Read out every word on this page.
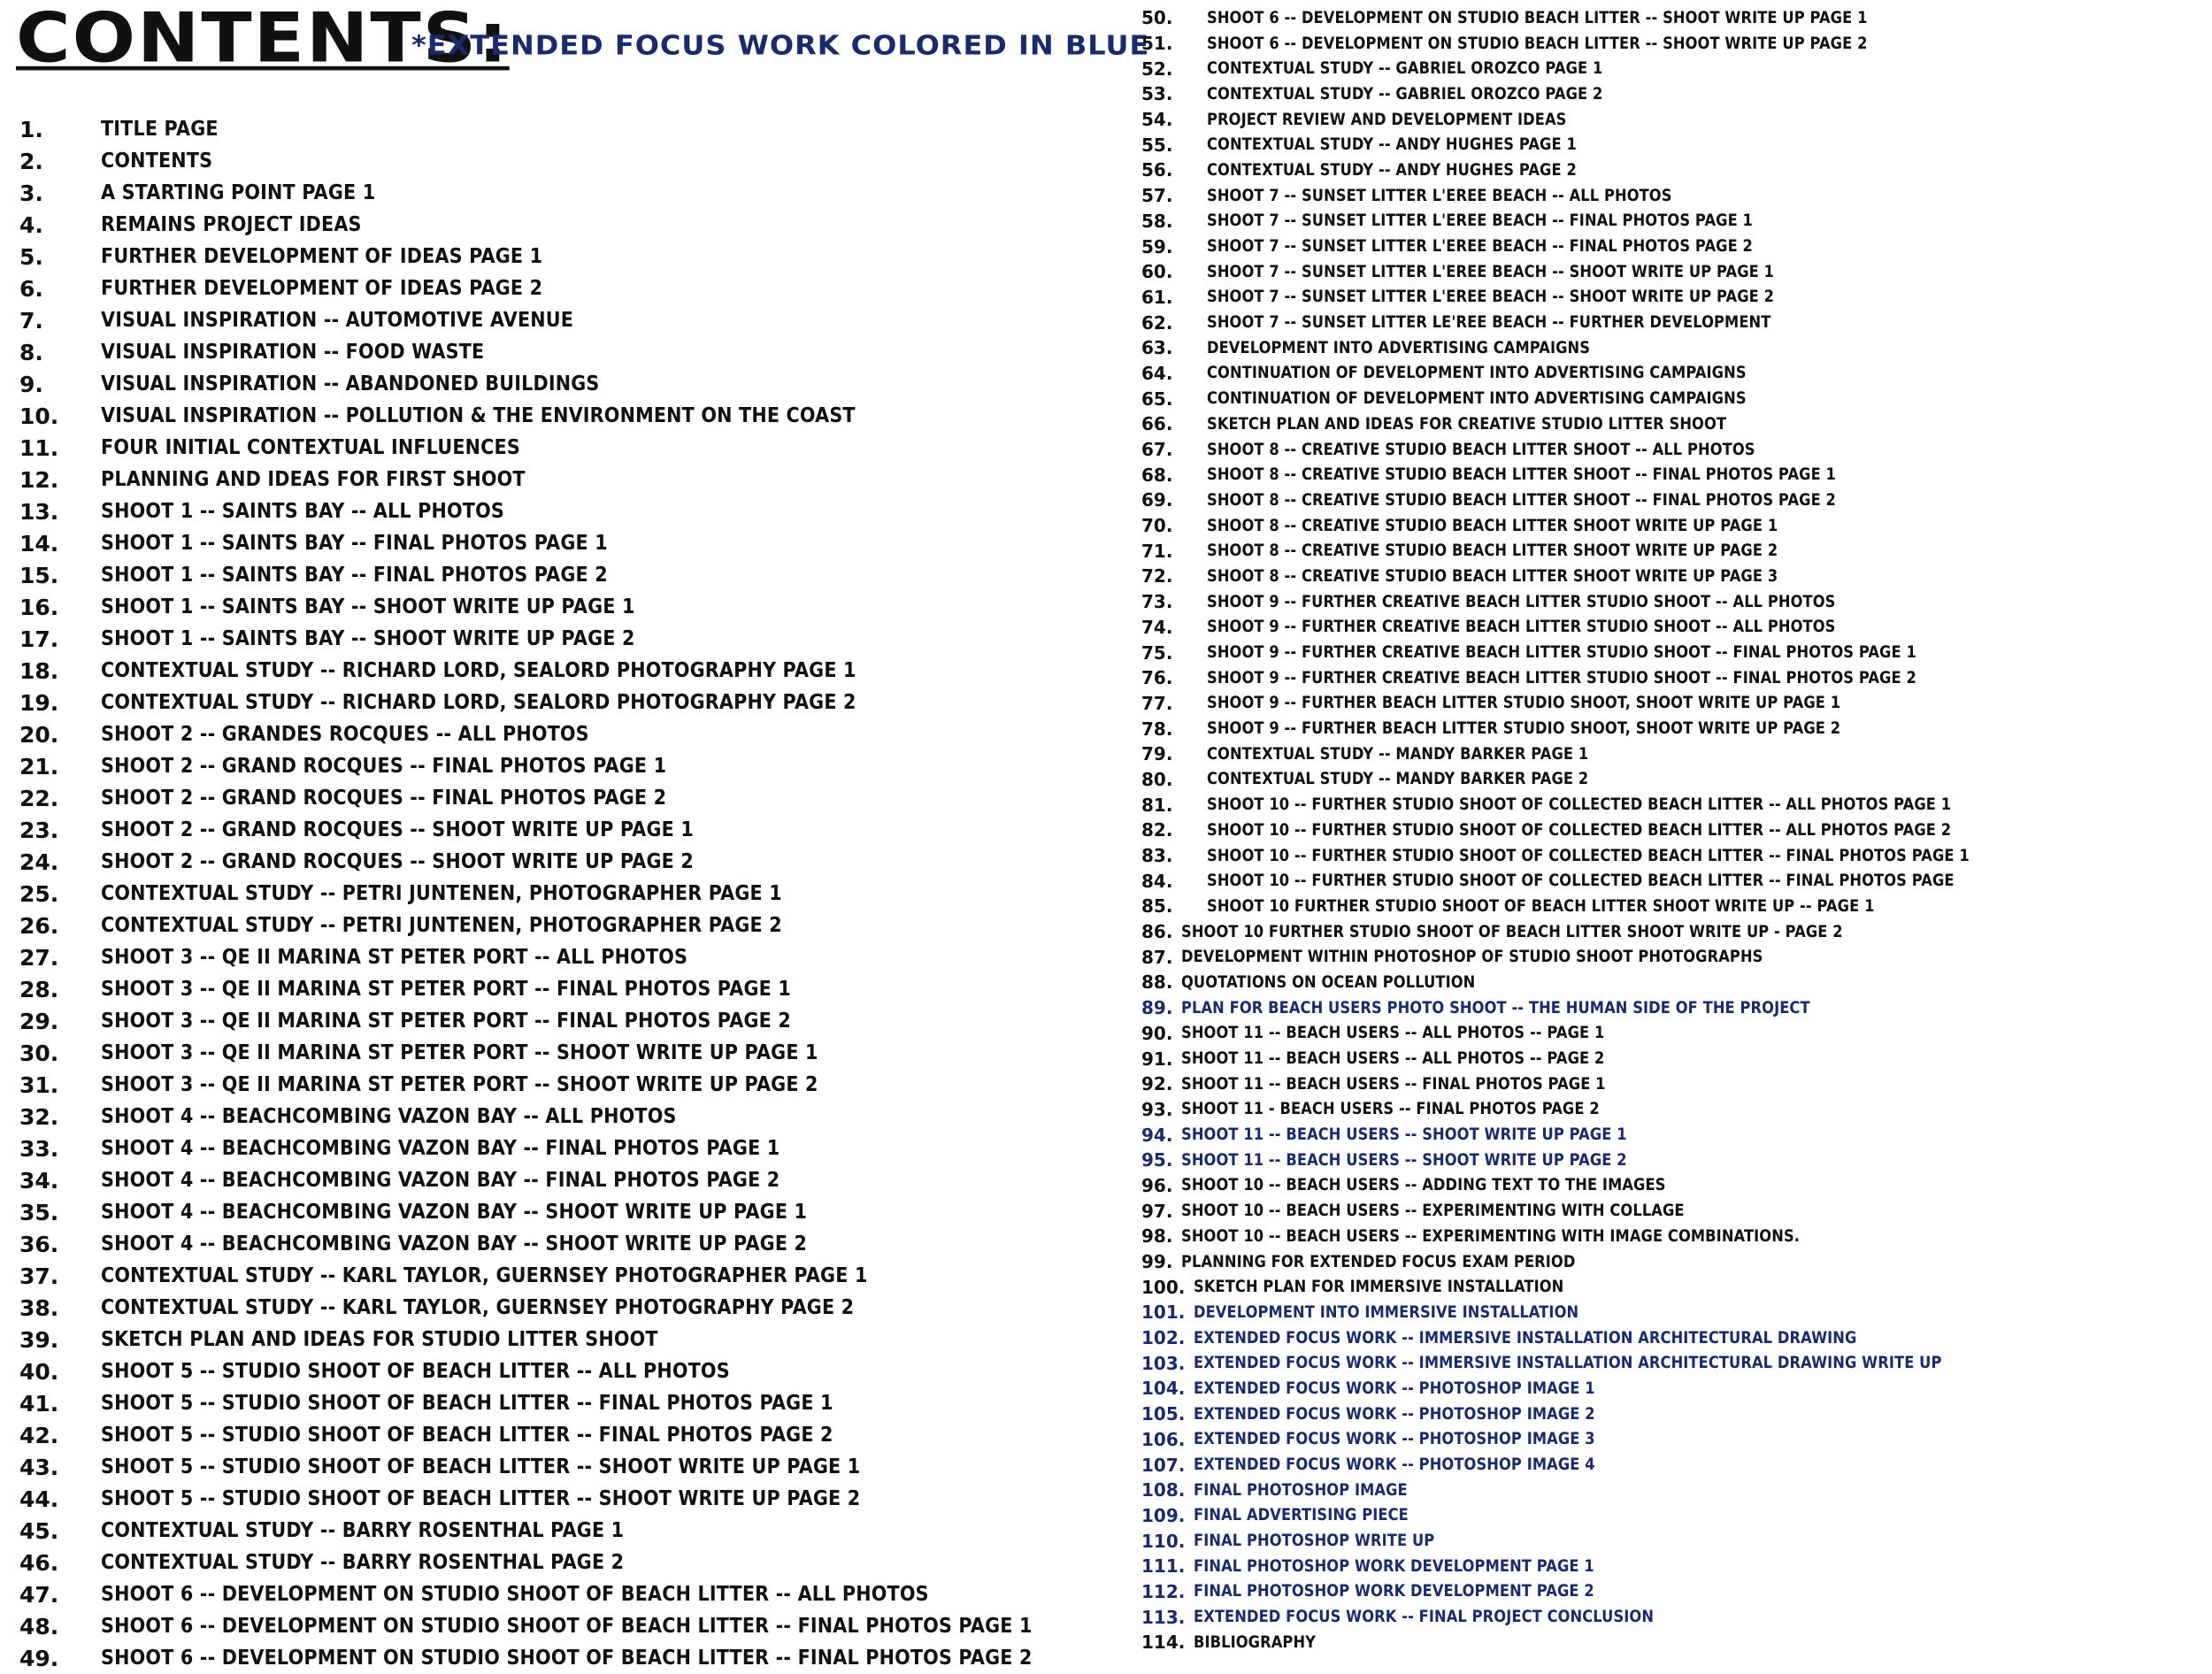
CONTENTS:
*EXTENDED FOCUS WORK COLORED IN BLUE
1.	TITLE PAGE
2.	CONTENTS
3.	A STARTING POINT PAGE 1
4.	REMAINS PROJECT IDEAS
5.	FURTHER DEVELOPMENT OF IDEAS PAGE 1
6.	FURTHER DEVELOPMENT OF IDEAS PAGE 2
7.	VISUAL INSPIRATION -- AUTOMOTIVE AVENUE
8.	VISUAL INSPIRATION -- FOOD WASTE
9.	VISUAL INSPIRATION -- ABANDONED BUILDINGS
10.	VISUAL INSPIRATION -- POLLUTION & THE ENVIRONMENT ON THE COAST
11.	FOUR INITIAL CONTEXTUAL INFLUENCES
12.	PLANNING AND IDEAS FOR FIRST SHOOT
13.	SHOOT 1 -- SAINTS BAY -- ALL PHOTOS
14.	SHOOT 1 -- SAINTS BAY -- FINAL PHOTOS PAGE 1
15.	SHOOT 1 -- SAINTS BAY -- FINAL PHOTOS PAGE 2
16.	SHOOT 1 -- SAINTS BAY -- SHOOT WRITE UP PAGE 1
17.	SHOOT 1 -- SAINTS BAY -- SHOOT WRITE UP PAGE 2
18.	CONTEXTUAL STUDY -- RICHARD LORD, SEALORD PHOTOGRAPHY PAGE 1
19.	CONTEXTUAL STUDY -- RICHARD LORD, SEALORD PHOTOGRAPHY PAGE 2
20.	SHOOT 2 -- GRANDES ROCQUES -- ALL PHOTOS
21.	SHOOT 2 -- GRAND ROCQUES -- FINAL PHOTOS PAGE 1
22.	SHOOT 2 -- GRAND ROCQUES -- FINAL PHOTOS PAGE 2
23.	SHOOT 2 -- GRAND ROCQUES -- SHOOT WRITE UP PAGE 1
24.	SHOOT 2 -- GRAND ROCQUES -- SHOOT WRITE UP PAGE 2
25.	CONTEXTUAL STUDY -- PETRI JUNTENEN, PHOTOGRAPHER PAGE 1
26.	CONTEXTUAL STUDY -- PETRI JUNTENEN, PHOTOGRAPHER PAGE 2
27.	SHOOT 3 -- QE II MARINA ST PETER PORT -- ALL PHOTOS
28.	SHOOT 3 -- QE II MARINA ST PETER PORT -- FINAL PHOTOS PAGE 1
29.	SHOOT 3 -- QE II MARINA ST PETER PORT -- FINAL PHOTOS PAGE 2
30.	SHOOT 3 -- QE II MARINA ST PETER PORT -- SHOOT WRITE UP PAGE 1
31.	SHOOT 3 -- QE II MARINA ST PETER PORT -- SHOOT WRITE UP PAGE 2
32.	SHOOT 4 -- BEACHCOMBING VAZON BAY -- ALL PHOTOS
33.	SHOOT 4 -- BEACHCOMBING VAZON BAY -- FINAL PHOTOS PAGE 1
34.	SHOOT 4 -- BEACHCOMBING VAZON BAY -- FINAL PHOTOS PAGE 2
35.	SHOOT 4 -- BEACHCOMBING VAZON BAY -- SHOOT WRITE UP PAGE 1
36.	SHOOT 4 -- BEACHCOMBING VAZON BAY -- SHOOT WRITE UP PAGE 2
37.	CONTEXTUAL STUDY -- KARL TAYLOR, GUERNSEY PHOTOGRAPHER PAGE 1
38.	CONTEXTUAL STUDY -- KARL TAYLOR, GUERNSEY PHOTOGRAPHY PAGE 2
39.	SKETCH PLAN AND IDEAS FOR STUDIO LITTER SHOOT
40.	SHOOT 5 -- STUDIO SHOOT OF BEACH LITTER -- ALL PHOTOS
41.	SHOOT 5 -- STUDIO SHOOT OF BEACH LITTER -- FINAL PHOTOS PAGE 1
42.	SHOOT 5 -- STUDIO SHOOT OF BEACH LITTER -- FINAL PHOTOS PAGE 2
43.	SHOOT 5 -- STUDIO SHOOT OF BEACH LITTER -- SHOOT WRITE UP PAGE 1
44.	SHOOT 5 -- STUDIO SHOOT OF BEACH LITTER -- SHOOT WRITE UP PAGE 2
45.	CONTEXTUAL STUDY -- BARRY ROSENTHAL PAGE 1
46.	CONTEXTUAL STUDY -- BARRY ROSENTHAL PAGE 2
47.	SHOOT 6 -- DEVELOPMENT ON STUDIO SHOOT OF BEACH LITTER -- ALL PHOTOS
48.	SHOOT 6 -- DEVELOPMENT ON STUDIO SHOOT OF BEACH LITTER -- FINAL PHOTOS PAGE 1
49.	SHOOT 6 -- DEVELOPMENT ON STUDIO SHOOT OF BEACH LITTER -- FINAL PHOTOS PAGE 2
50.	SHOOT 6 -- DEVELOPMENT ON STUDIO BEACH LITTER -- SHOOT WRITE UP PAGE 1
51.	SHOOT 6 -- DEVELOPMENT ON STUDIO BEACH LITTER -- SHOOT WRITE UP PAGE 2
52.	CONTEXTUAL STUDY -- GABRIEL OROZCO PAGE 1
53.	CONTEXTUAL STUDY -- GABRIEL OROZCO PAGE 2
54.	PROJECT REVIEW AND DEVELOPMENT IDEAS
55.	CONTEXTUAL STUDY -- ANDY HUGHES PAGE 1
56.	CONTEXTUAL STUDY -- ANDY HUGHES PAGE 2
57.	SHOOT 7 -- SUNSET LITTER L'EREE BEACH -- ALL PHOTOS
58.	SHOOT 7 -- SUNSET LITTER L'EREE BEACH -- FINAL PHOTOS PAGE 1
59.	SHOOT 7 -- SUNSET LITTER L'EREE BEACH -- FINAL PHOTOS PAGE 2
60.	SHOOT 7 -- SUNSET LITTER L'EREE BEACH -- SHOOT WRITE UP PAGE 1
61.	SHOOT 7 -- SUNSET LITTER L'EREE BEACH -- SHOOT WRITE UP PAGE 2
62.	SHOOT 7 -- SUNSET LITTER LE'REE BEACH -- FURTHER DEVELOPMENT
63.	DEVELOPMENT INTO ADVERTISING CAMPAIGNS
64.	CONTINUATION OF DEVELOPMENT INTO ADVERTISING CAMPAIGNS
65.	CONTINUATION OF DEVELOPMENT INTO ADVERTISING CAMPAIGNS
66.	SKETCH PLAN AND IDEAS FOR CREATIVE STUDIO LITTER SHOOT
67.	SHOOT 8 -- CREATIVE STUDIO BEACH LITTER SHOOT -- ALL PHOTOS
68.	SHOOT 8 -- CREATIVE STUDIO BEACH LITTER SHOOT -- FINAL PHOTOS PAGE 1
69.	SHOOT 8 -- CREATIVE STUDIO BEACH LITTER SHOOT -- FINAL PHOTOS PAGE 2
70.	SHOOT 8 -- CREATIVE STUDIO BEACH LITTER SHOOT WRITE UP PAGE 1
71.	SHOOT 8 -- CREATIVE STUDIO BEACH LITTER SHOOT WRITE UP PAGE 2
72.	SHOOT 8 -- CREATIVE STUDIO BEACH LITTER SHOOT WRITE UP PAGE 3
73.	SHOOT 9 -- FURTHER CREATIVE BEACH LITTER STUDIO SHOOT -- ALL PHOTOS
74.	SHOOT 9 -- FURTHER CREATIVE BEACH LITTER STUDIO SHOOT -- ALL PHOTOS
75.	SHOOT 9 -- FURTHER CREATIVE BEACH LITTER STUDIO SHOOT -- FINAL PHOTOS PAGE 1
76.	SHOOT 9 -- FURTHER CREATIVE BEACH LITTER STUDIO SHOOT -- FINAL PHOTOS PAGE 2
77.	SHOOT 9 -- FURTHER BEACH LITTER STUDIO SHOOT, SHOOT WRITE UP PAGE 1
78.	SHOOT 9 -- FURTHER BEACH LITTER STUDIO SHOOT, SHOOT WRITE UP PAGE 2
79.	CONTEXTUAL STUDY -- MANDY BARKER PAGE 1
80.	CONTEXTUAL STUDY -- MANDY BARKER PAGE 2
81.	SHOOT 10 -- FURTHER STUDIO SHOOT OF COLLECTED BEACH LITTER -- ALL PHOTOS PAGE 1
82.	SHOOT 10 -- FURTHER STUDIO SHOOT OF COLLECTED BEACH LITTER -- ALL PHOTOS PAGE 2
83.	SHOOT 10 -- FURTHER STUDIO SHOOT OF COLLECTED BEACH LITTER -- FINAL PHOTOS PAGE 1
84.	SHOOT 10 -- FURTHER STUDIO SHOOT OF COLLECTED BEACH LITTER -- FINAL PHOTOS PAGE
85.	SHOOT 10 FURTHER STUDIO SHOOT OF BEACH LITTER SHOOT WRITE UP -- PAGE 1
86. SHOOT 10 FURTHER STUDIO SHOOT OF BEACH LITTER SHOOT WRITE UP - PAGE 2
87. DEVELOPMENT WITHIN PHOTOSHOP OF STUDIO SHOOT PHOTOGRAPHS
88. QUOTATIONS ON OCEAN POLLUTION
89. PLAN FOR BEACH USERS PHOTO SHOOT -- THE HUMAN SIDE OF THE PROJECT
90. SHOOT 11 -- BEACH USERS -- ALL PHOTOS -- PAGE 1
91. SHOOT 11 -- BEACH USERS -- ALL PHOTOS -- PAGE 2
92. SHOOT 11 -- BEACH USERS -- FINAL PHOTOS PAGE 1
93. SHOOT 11 - BEACH USERS -- FINAL PHOTOS PAGE 2
94. SHOOT 11 -- BEACH USERS -- SHOOT WRITE UP PAGE 1
95. SHOOT 11 -- BEACH USERS -- SHOOT WRITE UP PAGE 2
96. SHOOT 10 -- BEACH USERS -- ADDING TEXT TO THE IMAGES
97. SHOOT 10 -- BEACH USERS -- EXPERIMENTING WITH COLLAGE
98. SHOOT 10 -- BEACH USERS -- EXPERIMENTING WITH IMAGE COMBINATIONS.
99. PLANNING FOR EXTENDED FOCUS EXAM PERIOD
100. SKETCH PLAN FOR IMMERSIVE INSTALLATION
101. DEVELOPMENT INTO IMMERSIVE INSTALLATION
102. EXTENDED FOCUS WORK -- IMMERSIVE INSTALLATION ARCHITECTURAL DRAWING
103. EXTENDED FOCUS WORK -- IMMERSIVE INSTALLATION ARCHITECTURAL DRAWING WRITE UP
104. EXTENDED FOCUS WORK -- PHOTOSHOP IMAGE 1
105. EXTENDED FOCUS WORK -- PHOTOSHOP IMAGE 2
106. EXTENDED FOCUS WORK -- PHOTOSHOP IMAGE 3
107. EXTENDED FOCUS WORK -- PHOTOSHOP IMAGE 4
108. FINAL PHOTOSHOP IMAGE
109. FINAL ADVERTISING PIECE
110. FINAL PHOTOSHOP WRITE UP
111. FINAL PHOTOSHOP WORK DEVELOPMENT PAGE 1
112. FINAL PHOTOSHOP WORK DEVELOPMENT PAGE 2
113. EXTENDED FOCUS WORK -- FINAL PROJECT CONCLUSION
114. BIBLIOGRAPHY
